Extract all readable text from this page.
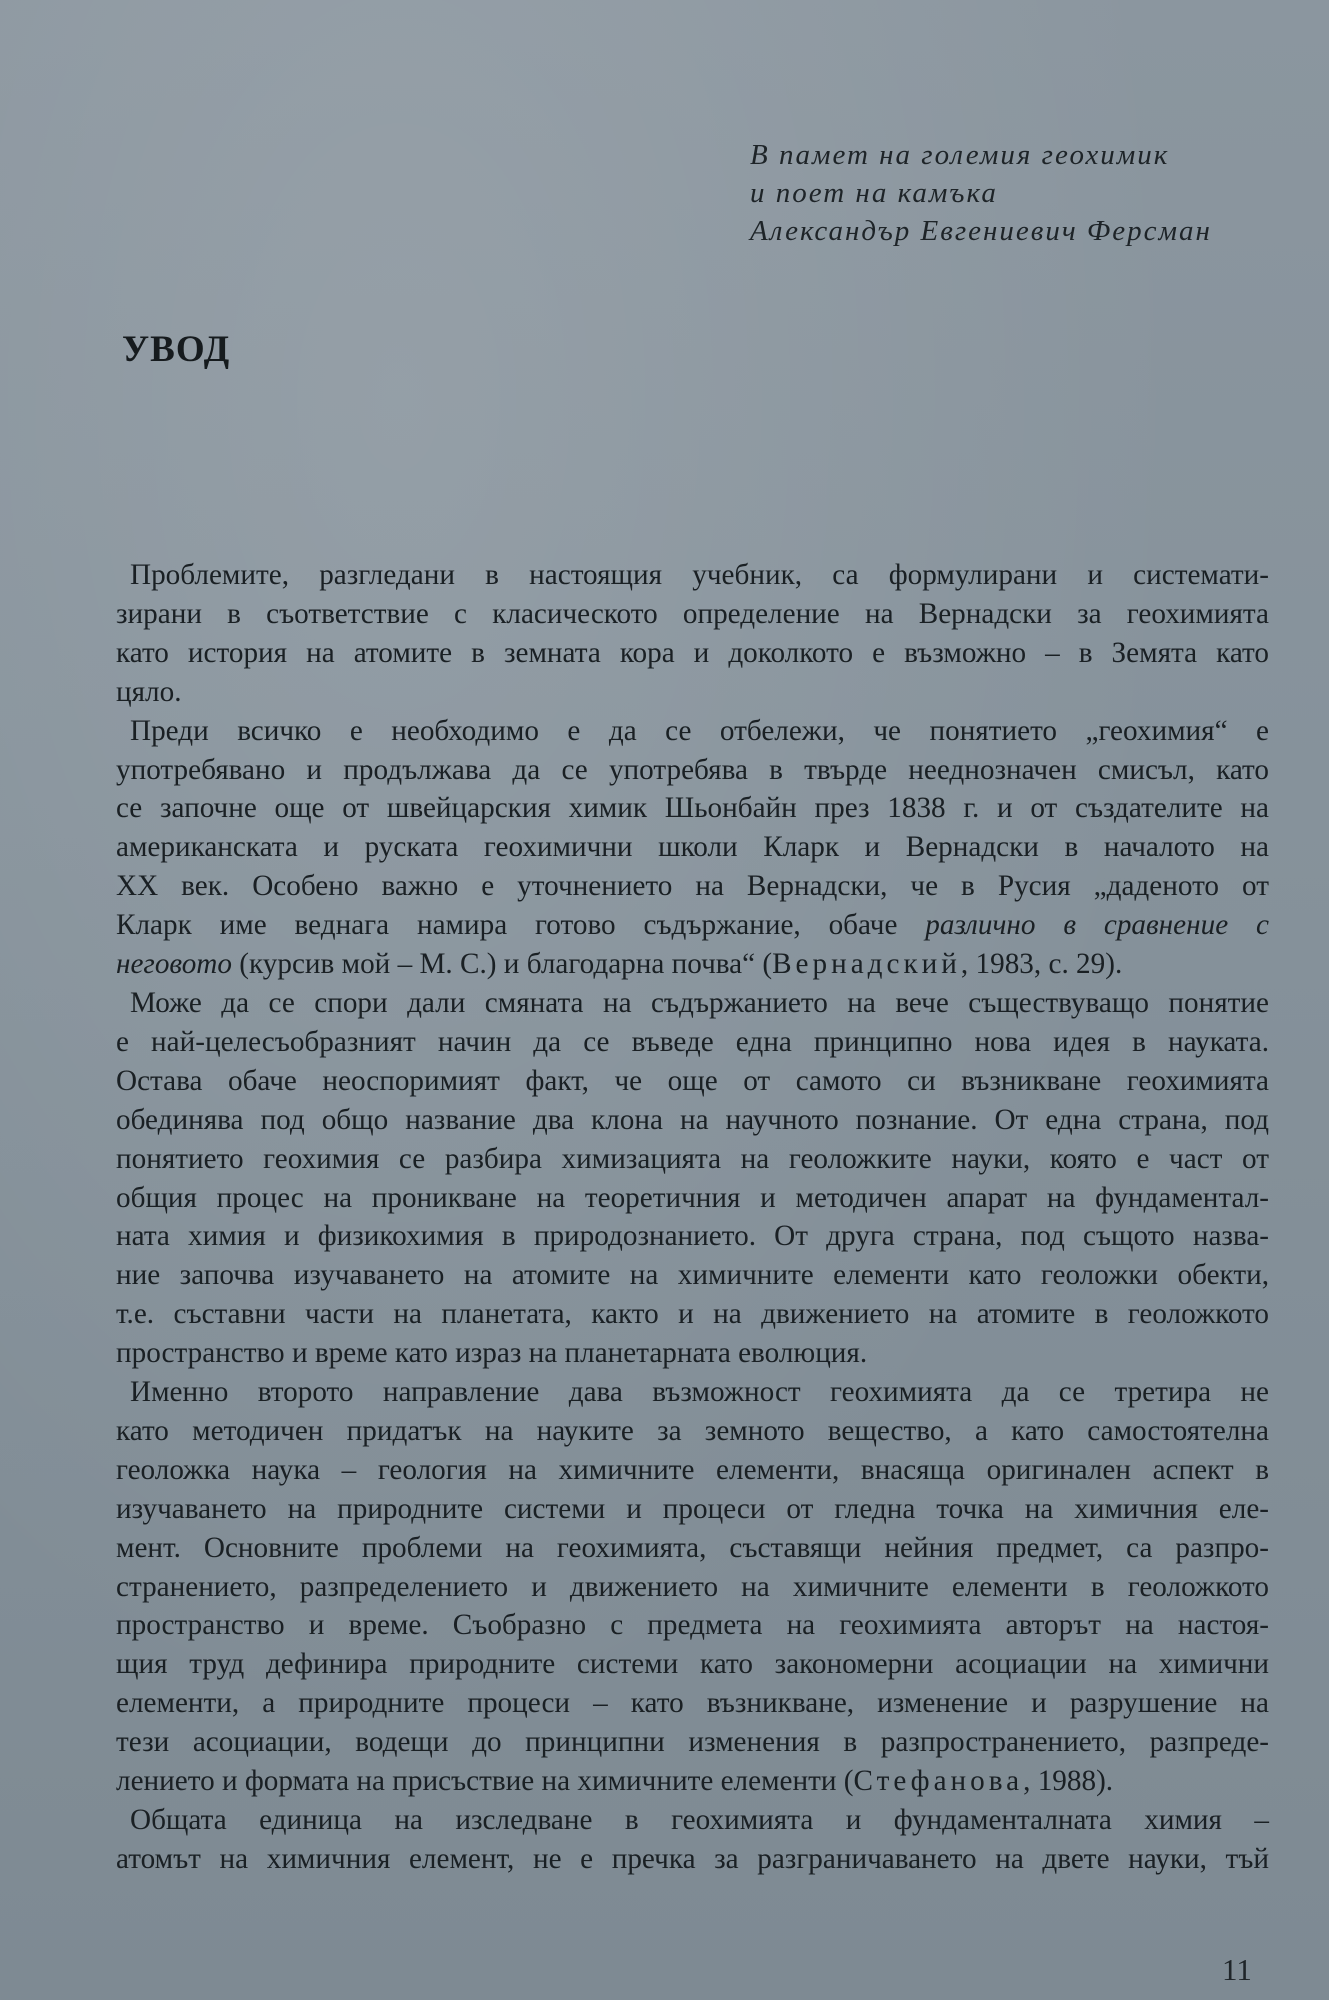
В памет на големия геохимик
и поет на камъка
Александър Евгениевич Ферсман
УВОД

Проблемите, разгледани в настоящия учебник, са формулирани и системати-
зирани в съответствие с класическото определение на Вернадски за геохимията
като история на атомите в земната кора и доколкото е възможно – в Земята като
цяло.

Преди всичко е необходимо е да се отбележи, че понятието „геохимия“ е
употребявано и продължава да се употребява в твърде нееднозначен смисъл, като
се започне още от швейцарския химик Шьонбайн през 1838 г. и от създателите на
американската и руската геохимични школи Кларк и Вернадски в началото на
ХХ век. Особено важно е уточнението на Вернадски, че в Русия „даденото от
Кларк име веднага намира готово съдържание, обаче различно в сравнение с
неговото (курсив мой – М. С.) и благодарна почва“ (Вернадский, 1983, с. 29).

Може да се спори дали смяната на съдържанието на вече съществуващо понятие
е най-целесъобразният начин да се въведе една принципно нова идея в науката.
Остава обаче неоспоримият факт, че още от самото си възникване геохимията
обединява под общо название два клона на научното познание. От една страна, под
понятието геохимия се разбира химизацията на геоложките науки, която е част от
общия процес на проникване на теоретичния и методичен апарат на фундаментал-
ната химия и физикохимия в природознанието. От друга страна, под същото назва-
ние започва изучаването на атомите на химичните елементи като геоложки обекти,
т.е. съставни части на планетата, както и на движението на атомите в геоложкото
пространство и време като израз на планетарната еволюция.

Именно второто направление дава възможност геохимията да се третира не
като методичен придатък на науките за земното вещество, а като самостоятелна
геоложка наука – геология на химичните елементи, внасяща оригинален аспект в
изучаването на природните системи и процеси от гледна точка на химичния еле-
мент. Основните проблеми на геохимията, съставящи нейния предмет, са разпро-
странението, разпределението и движението на химичните елементи в геоложкото
пространство и време. Съобразно с предмета на геохимията авторът на настоя-
щия труд дефинира природните системи като закономерни асоциации на химични
елементи, а природните процеси – като възникване, изменение и разрушение на
тези асоциации, водещи до принципни изменения в разпространението, разпреде-
лението и формата на присъствие на химичните елементи (Стефанова, 1988).

Общата единица на изследване в геохимията и фундаменталната химия –
атомът на химичния елемент, не е пречка за разграничаването на двете науки, тъй

11
